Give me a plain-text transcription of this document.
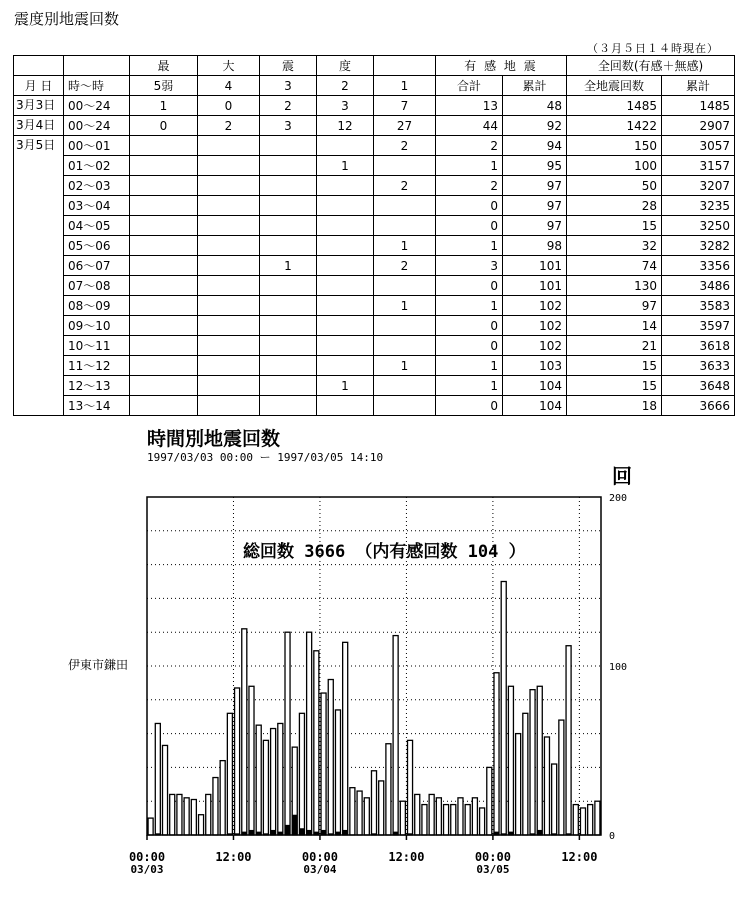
震度別地震回数
（３月５日１４時現在）
		最	大	震	度		有 感 地 震		全回数(有感＋無感)	
月 日	時～時	5弱	4	3	2	1	合計	累計	全地震回数	累計
3月3日	00～24	1	0	2	3	7	13	48	1485	1485
3月4日	00～24	0	2	3	12	27	44	92	1422	2907
3月5日	00～01					2	2	94	150	3057
	01～02				1		1	95	100	3157
	02～03					2	2	97	50	3207
	03～04						0	97	28	3235
	04～05						0	97	15	3250
	05～06					1	1	98	32	3282
	06～07			1		2	3	101	74	3356
	07～08						0	101	130	3486
	08～09					1	1	102	97	3583
	09～10						0	102	14	3597
	10～11						0	102	21	3618
	11～12					1	1	103	15	3633
	12～13				1		1	104	15	3648
	13～14						0	104	18	3666
時間別地震回数
1997/03/03 00:00 ー 1997/03/05 14:10
回
伊東市鎌田
0
100
200
00:00
03/03
12:00	00:00
03/04
12:00	00:00
03/05
12:00
総回数 3666 （内有感回数 104 ）
